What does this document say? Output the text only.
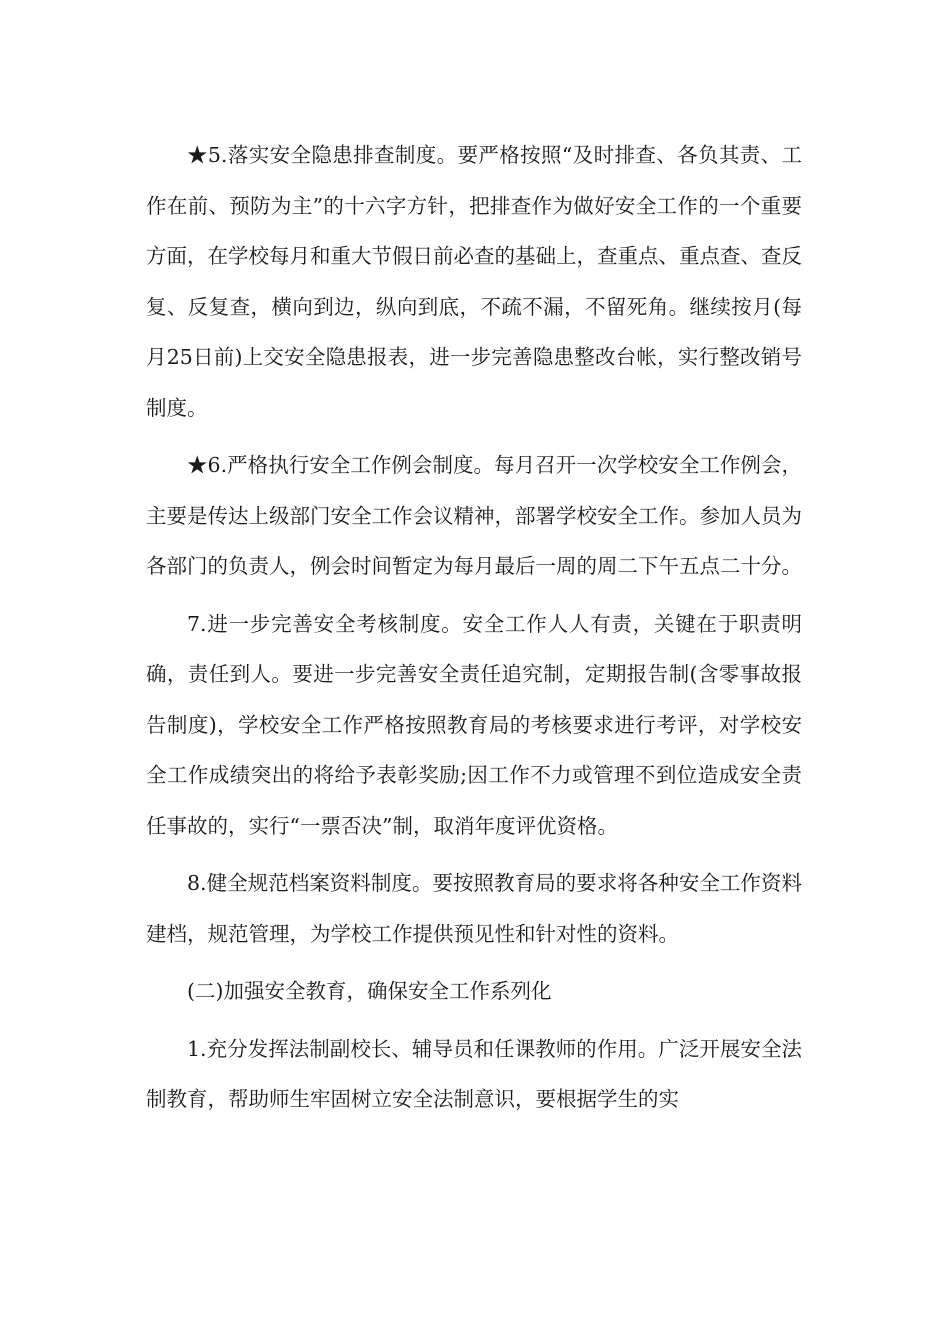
★5.落实安全隐患排查制度。要严格按照“及时排查、各负其责、工作在前、预防为主”的十六字方针，把排查作为做好安全工作的一个重要方面，在学校每月和重大节假日前必查的基础上，查重点、重点查、查反复、反复查，横向到边，纵向到底，不疏不漏，不留死角。继续按月(每月25日前)上交安全隐患报表，进一步完善隐患整改台帐，实行整改销号制度。

★6.严格执行安全工作例会制度。每月召开一次学校安全工作例会，主要是传达上级部门安全工作会议精神，部署学校安全工作。参加人员为各部门的负责人，例会时间暂定为每月最后一周的周二下午五点二十分。

7.进一步完善安全考核制度。安全工作人人有责，关键在于职责明确，责任到人。要进一步完善安全责任追究制，定期报告制(含零事故报告制度)，学校安全工作严格按照教育局的考核要求进行考评，对学校安全工作成绩突出的将给予表彰奖励;因工作不力或管理不到位造成安全责任事故的，实行“一票否决”制，取消年度评优资格。

8.健全规范档案资料制度。要按照教育局的要求将各种安全工作资料建档，规范管理，为学校工作提供预见性和针对性的资料。

(二)加强安全教育，确保安全工作系列化

1.充分发挥法制副校长、辅导员和任课教师的作用。广泛开展安全法制教育，帮助师生牢固树立安全法制意识，要根据学生的实
